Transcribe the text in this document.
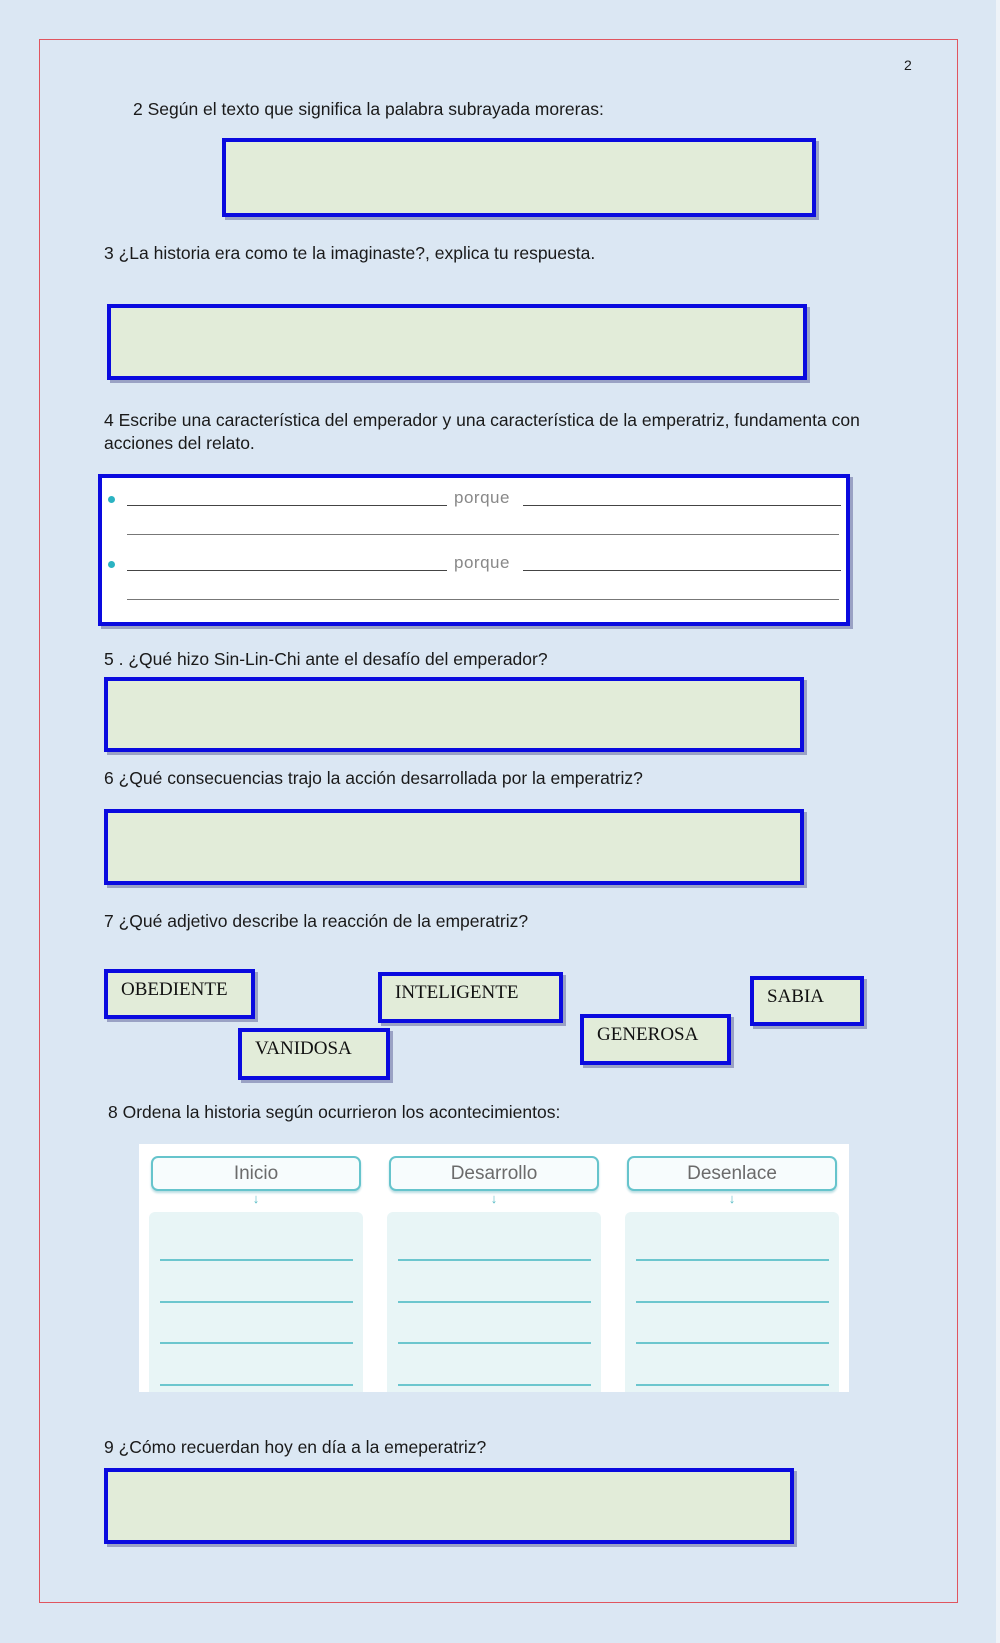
2
2 Según el texto que significa la palabra subrayada moreras:
3 ¿La historia era como te la imaginaste?, explica tu respuesta.
4 Escribe una característica del emperador y una característica de la emperatriz, fundamenta con
acciones del relato.
porque
porque
5 . ¿Qué hizo Sin-Lin-Chi ante el desafío del emperador?
6 ¿Qué consecuencias trajo la acción desarrollada por la emperatriz?
7 ¿Qué adjetivo describe la reacción de la emperatriz?
OBEDIENTE	INTELIGENTE	SABIA
GENEROSA
VANIDOSA
8 Ordena la historia según ocurrieron los acontecimientos:
Inicio
↓
Desarrollo
↓
Desenlace
↓
9 ¿Cómo recuerdan hoy en día a la emeperatriz?
